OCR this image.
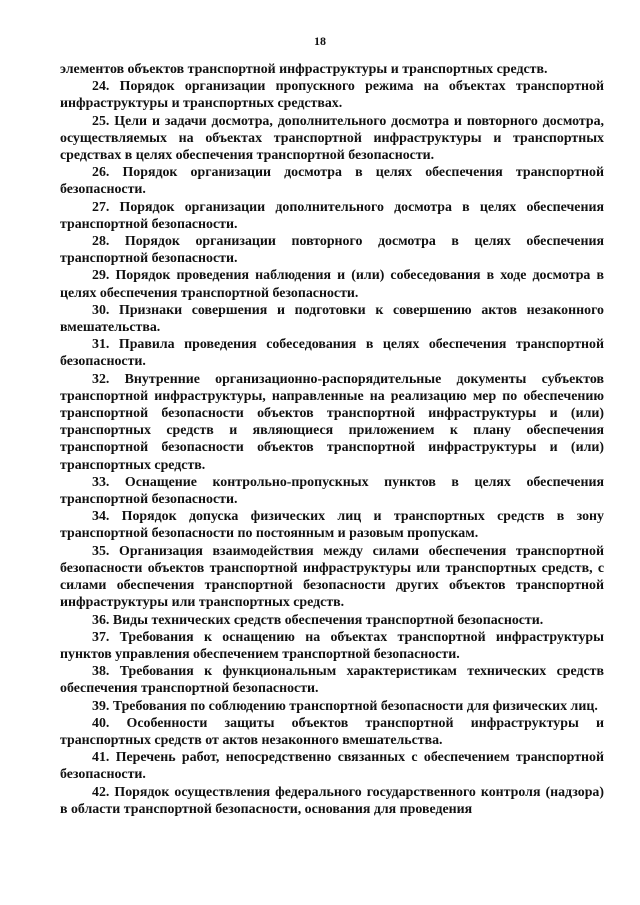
18

элементов объектов транспортной инфраструктуры и транспортных средств.

24. Порядок организации пропускного режима на объектах транспортной инфраструктуры и транспортных средствах.

25. Цели и задачи досмотра, дополнительного досмотра и повторного досмотра, осуществляемых на объектах транспортной инфраструктуры и транспортных средствах в целях обеспечения транспортной безопасности.

26. Порядок организации досмотра в целях обеспечения транспортной безопасности.

27. Порядок организации дополнительного досмотра в целях обеспечения транспортной безопасности.

28. Порядок организации повторного досмотра в целях обеспечения транспортной безопасности.

29. Порядок проведения наблюдения и (или) собеседования в ходе досмотра в целях обеспечения транспортной безопасности.

30. Признаки совершения и подготовки к совершению актов незаконного вмешательства.

31. Правила проведения собеседования в целях обеспечения транспортной безопасности.

32. Внутренние организационно-распорядительные документы субъектов транспортной инфраструктуры, направленные на реализацию мер по обеспечению транспортной безопасности объектов транспортной инфраструктуры и (или) транспортных средств и являющиеся приложением к плану обеспечения транспортной безопасности объектов транспортной инфраструктуры и (или) транспортных средств.

33. Оснащение контрольно-пропускных пунктов в целях обеспечения транспортной безопасности.

34. Порядок допуска физических лиц и транспортных средств в зону транспортной безопасности по постоянным и разовым пропускам.

35. Организация взаимодействия между силами обеспечения транспортной безопасности объектов транспортной инфраструктуры или транспортных средств, с силами обеспечения транспортной безопасности других объектов транспортной инфраструктуры или транспортных средств.

36. Виды технических средств обеспечения транспортной безопасности.

37. Требования к оснащению на объектах транспортной инфраструктуры пунктов управления обеспечением транспортной безопасности.

38. Требования к функциональным характеристикам технических средств обеспечения транспортной безопасности.

39. Требования по соблюдению транспортной безопасности для физических лиц.

40. Особенности защиты объектов транспортной инфраструктуры и транспортных средств от актов незаконного вмешательства.

41. Перечень работ, непосредственно связанных с обеспечением транспортной безопасности.

42. Порядок осуществления федерального государственного контроля (надзора) в области транспортной безопасности, основания для проведения
